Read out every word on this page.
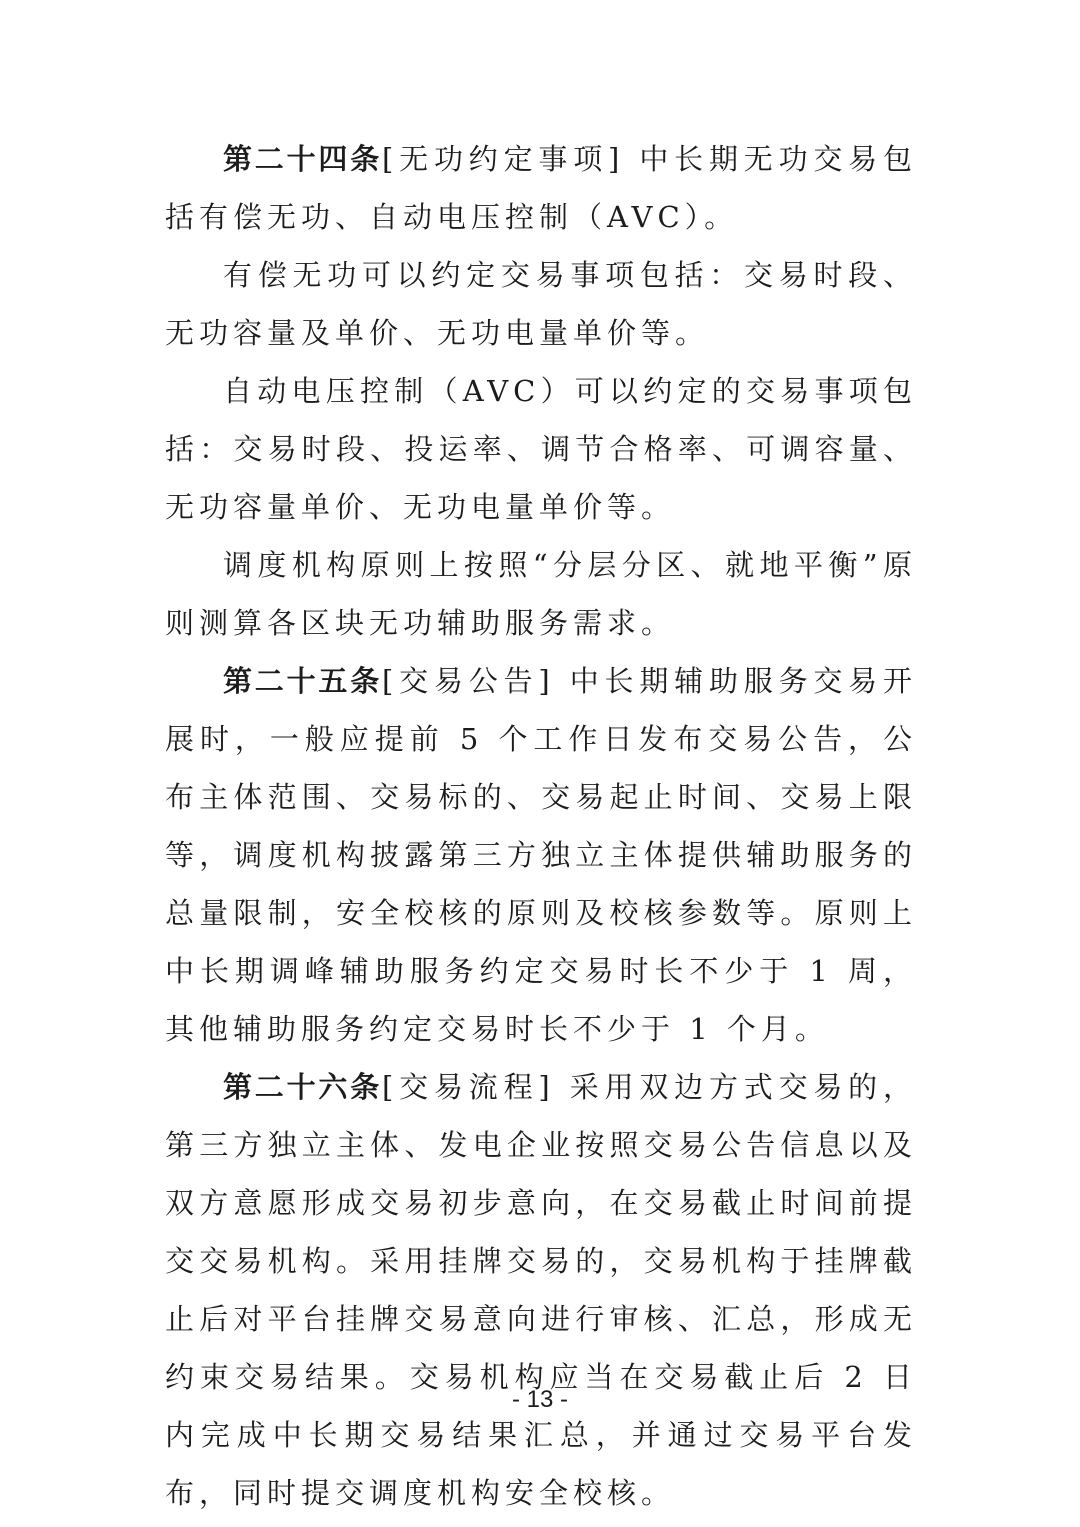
第二十四条[无功约定事项] 中长期无功交易包括有偿无功、自动电压控制（AVC）。

有偿无功可以约定交易事项包括：交易时段、无功容量及单价、无功电量单价等。

自动电压控制（AVC）可以约定的交易事项包括：交易时段、投运率、调节合格率、可调容量、无功容量单价、无功电量单价等。

调度机构原则上按照“分层分区、就地平衡”原则测算各区块无功辅助服务需求。

第二十五条[交易公告] 中长期辅助服务交易开展时，一般应提前 5 个工作日发布交易公告，公布主体范围、交易标的、交易起止时间、交易上限等，调度机构披露第三方独立主体提供辅助服务的总量限制，安全校核的原则及校核参数等。原则上中长期调峰辅助服务约定交易时长不少于 1 周，其他辅助服务约定交易时长不少于 1 个月。

第二十六条[交易流程] 采用双边方式交易的，第三方独立主体、发电企业按照交易公告信息以及双方意愿形成交易初步意向，在交易截止时间前提交交易机构。采用挂牌交易的，交易机构于挂牌截止后对平台挂牌交易意向进行审核、汇总，形成无约束交易结果。交易机构应当在交易截止后 2 日内完成中长期交易结果汇总，并通过交易平台发布，同时提交调度机构安全校核。

- 13 -
